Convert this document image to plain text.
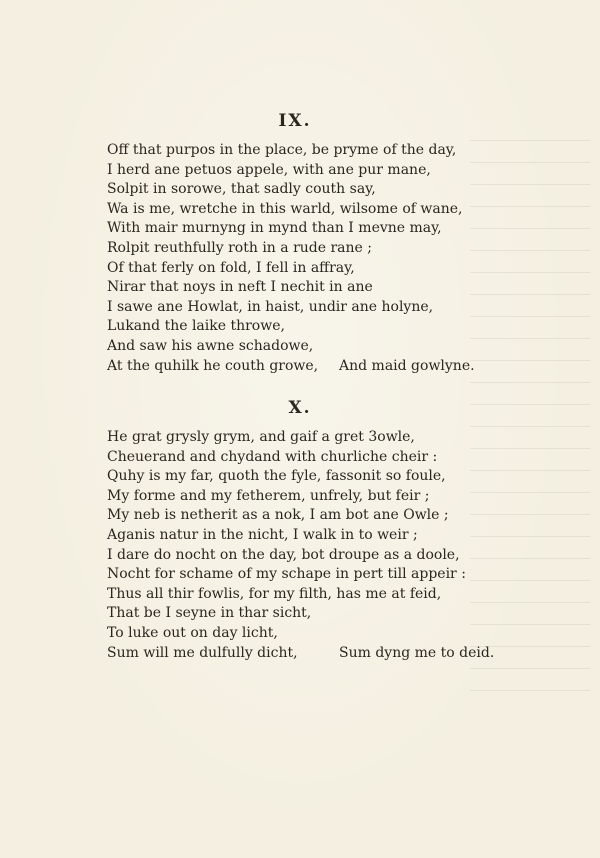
IX.
Off that purpos in the place, be pryme of the day,
I herd ane petuos appele, with ane pur mane,
Solpit in sorowe, that sadly couth say,
Wa is me, wretche in this warld, wilsome of wane,
With mair murnyng in mynd than I mevne may,
Rolpit reuthfully roth in a rude rane ;
Of that ferly on fold, I fell in affray,
Nirar that noys in neft I nechit in ane
I sawe ane Howlat, in haist, undir ane holyne,
Lukand the laike throwe,
And saw his awne schadowe,
At the quhilk he couth growe, And maid gowlyne.
X.
He grat grysly grym, and gaif a gret 3owle,
Cheuerand and chydand with churliche cheir :
Quhy is my far, quoth the fyle, fassonit so foule,
My forme and my fetherem, unfrely, but feir ;
My neb is netherit as a nok, I am bot ane Owle ;
Aganis natur in the nicht, I walk in to weir ;
I dare do nocht on the day, bot droupe as a doole,
Nocht for schame of my schape in pert till appeir :
Thus all thir fowlis, for my filth, has me at feid,
That be I seyne in thar sicht,
To luke out on day licht,
Sum will me dulfully dicht,	Sum dyng me to deid.
